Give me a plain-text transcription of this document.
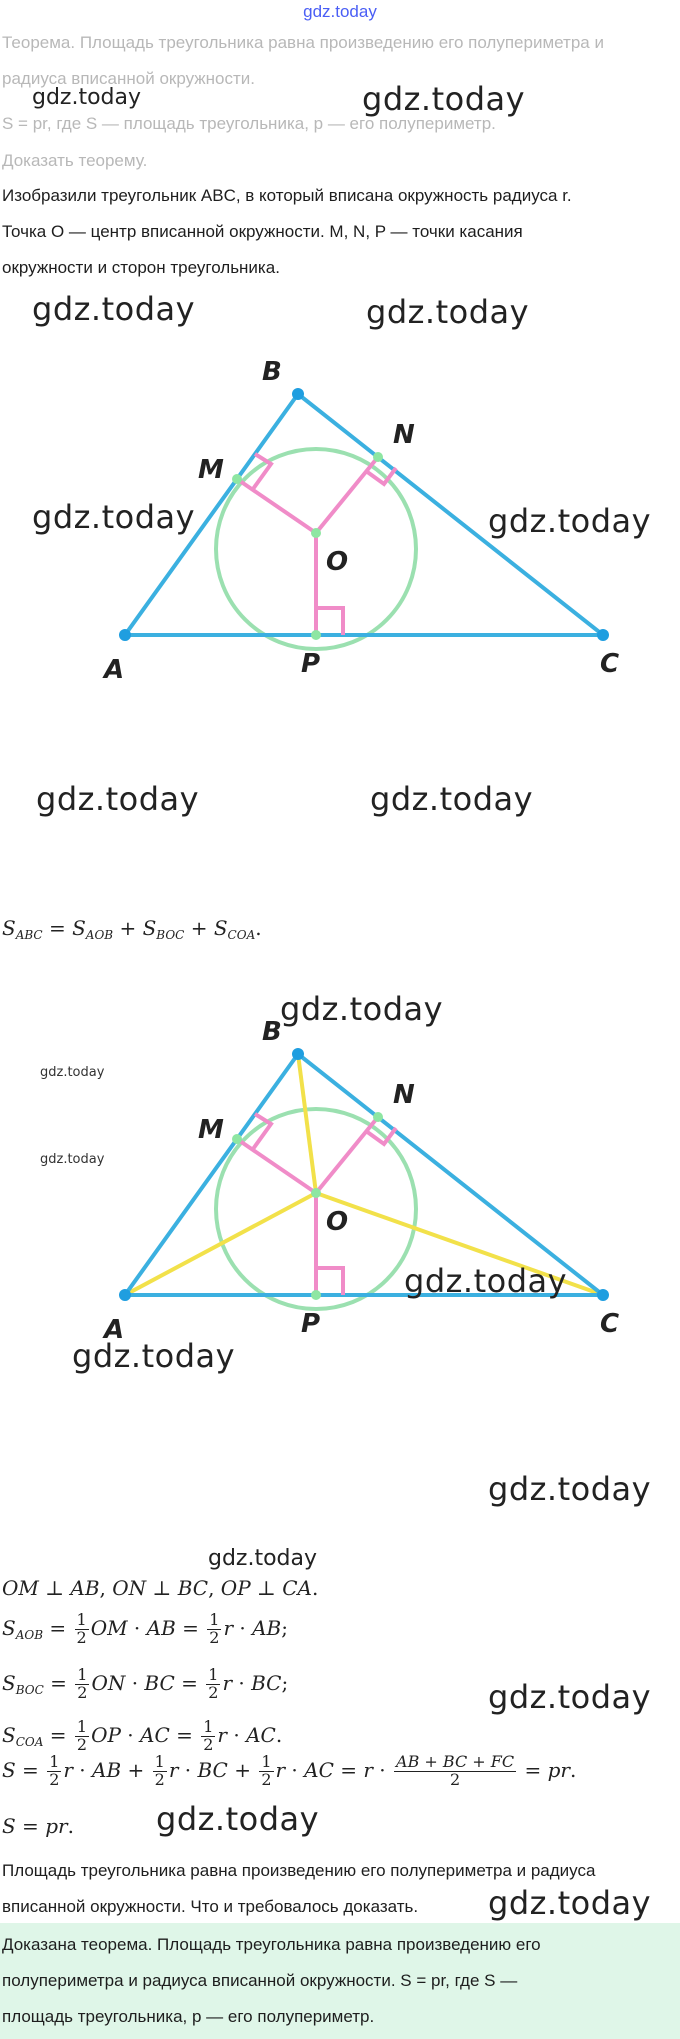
gdz.today
Теорема. Площадь треугольника равна произведению его полупериметра и
радиуса вписанной окружности.
S = pr, где S — площадь треугольника, p — его полупериметр.
Доказать теорему.
Изобразили треугольник ABC, в который вписана окружность радиуса r.
Точка O — центр вписанной окружности. M, N, P — точки касания
окружности и сторон треугольника.
A
B
C
M
N
O
P
$S_{ABC} = S_{AOB} + S_{BOC} + S_{COA}$.
A
B
C
M
N
O
P
OM ⊥ AB, ON ⊥ BC, OP ⊥ CA.
$S_{AOB} = \frac{1}{2}$ OM · AB = $\frac{1}{2}$ r · AB;
$S_{BOC} = \frac{1}{2}$ ON · BC = $\frac{1}{2}$ r · BC;
$S_{COA} = \frac{1}{2}$ OP · AC = $\frac{1}{2}$ r · AC.
$S = \frac{1}{2}$ r · AB + $\frac{1}{2}$ r · BC + $\frac{1}{2}$ r · AC = $r \cdot \frac{AB + BC + FC}{2}$ = pr.
S = pr.
Площадь треугольника равна произведению его полупериметра и радиуса
вписанной окружности. Что и требовалось доказать.
Доказана теорема. Площадь треугольника равна произведению его
полупериметра и радиуса вписанной окружности. S = pr, где S —
площадь треугольника, p — его полупериметр.
gdz.today	gdz.today
gdz.today	gdz.today
gdz.today	gdz.today
gdz.today	gdz.today
gdz.today
gdz.today
gdz.today
gdz.today
gdz.today
gdz.today
gdz.today
gdz.today
gdz.today
gdz.today
